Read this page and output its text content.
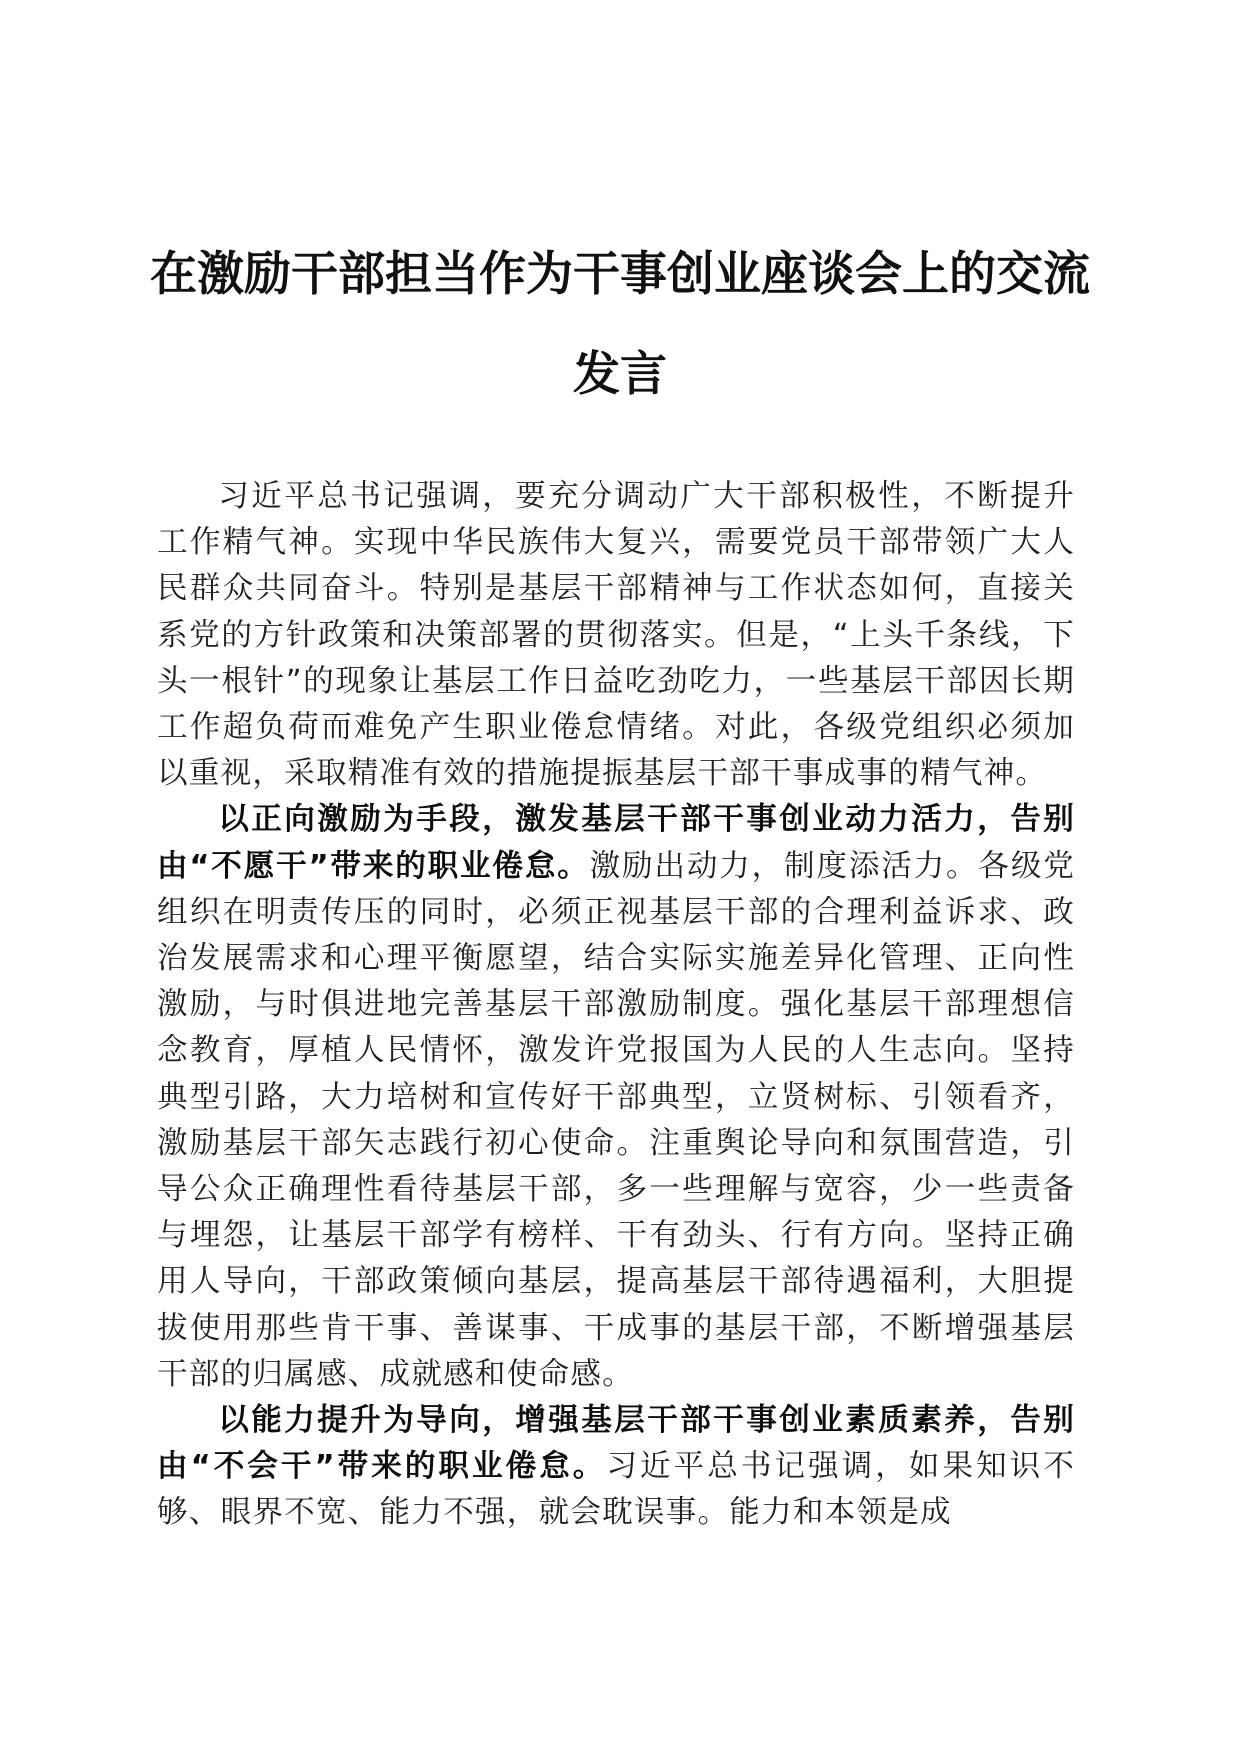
在激励干部担当作为干事创业座谈会上的交流
发言

习近平总书记强调，要充分调动广大干部积极性，不断提升工作精气神。实现中华民族伟大复兴，需要党员干部带领广大人民群众共同奋斗。特别是基层干部精神与工作状态如何，直接关系党的方针政策和决策部署的贯彻落实。但是，“上头千条线，下头一根针”的现象让基层工作日益吃劲吃力，一些基层干部因长期工作超负荷而难免产生职业倦怠情绪。对此，各级党组织必须加以重视，采取精准有效的措施提振基层干部干事成事的精气神。

以正向激励为手段，激发基层干部干事创业动力活力，告别由“不愿干”带来的职业倦怠。激励出动力，制度添活力。各级党组织在明责传压的同时，必须正视基层干部的合理利益诉求、政治发展需求和心理平衡愿望，结合实际实施差异化管理、正向性激励，与时俱进地完善基层干部激励制度。强化基层干部理想信念教育，厚植人民情怀，激发许党报国为人民的人生志向。坚持典型引路，大力培树和宣传好干部典型，立贤树标、引领看齐，激励基层干部矢志践行初心使命。注重舆论导向和氛围营造，引导公众正确理性看待基层干部，多一些理解与宽容，少一些责备与埋怨，让基层干部学有榜样、干有劲头、行有方向。坚持正确用人导向，干部政策倾向基层，提高基层干部待遇福利，大胆提拔使用那些肯干事、善谋事、干成事的基层干部，不断增强基层干部的归属感、成就感和使命感。

以能力提升为导向，增强基层干部干事创业素质素养，告别由“不会干”带来的职业倦怠。习近平总书记强调，如果知识不够、眼界不宽、能力不强，就会耽误事。能力和本领是成
